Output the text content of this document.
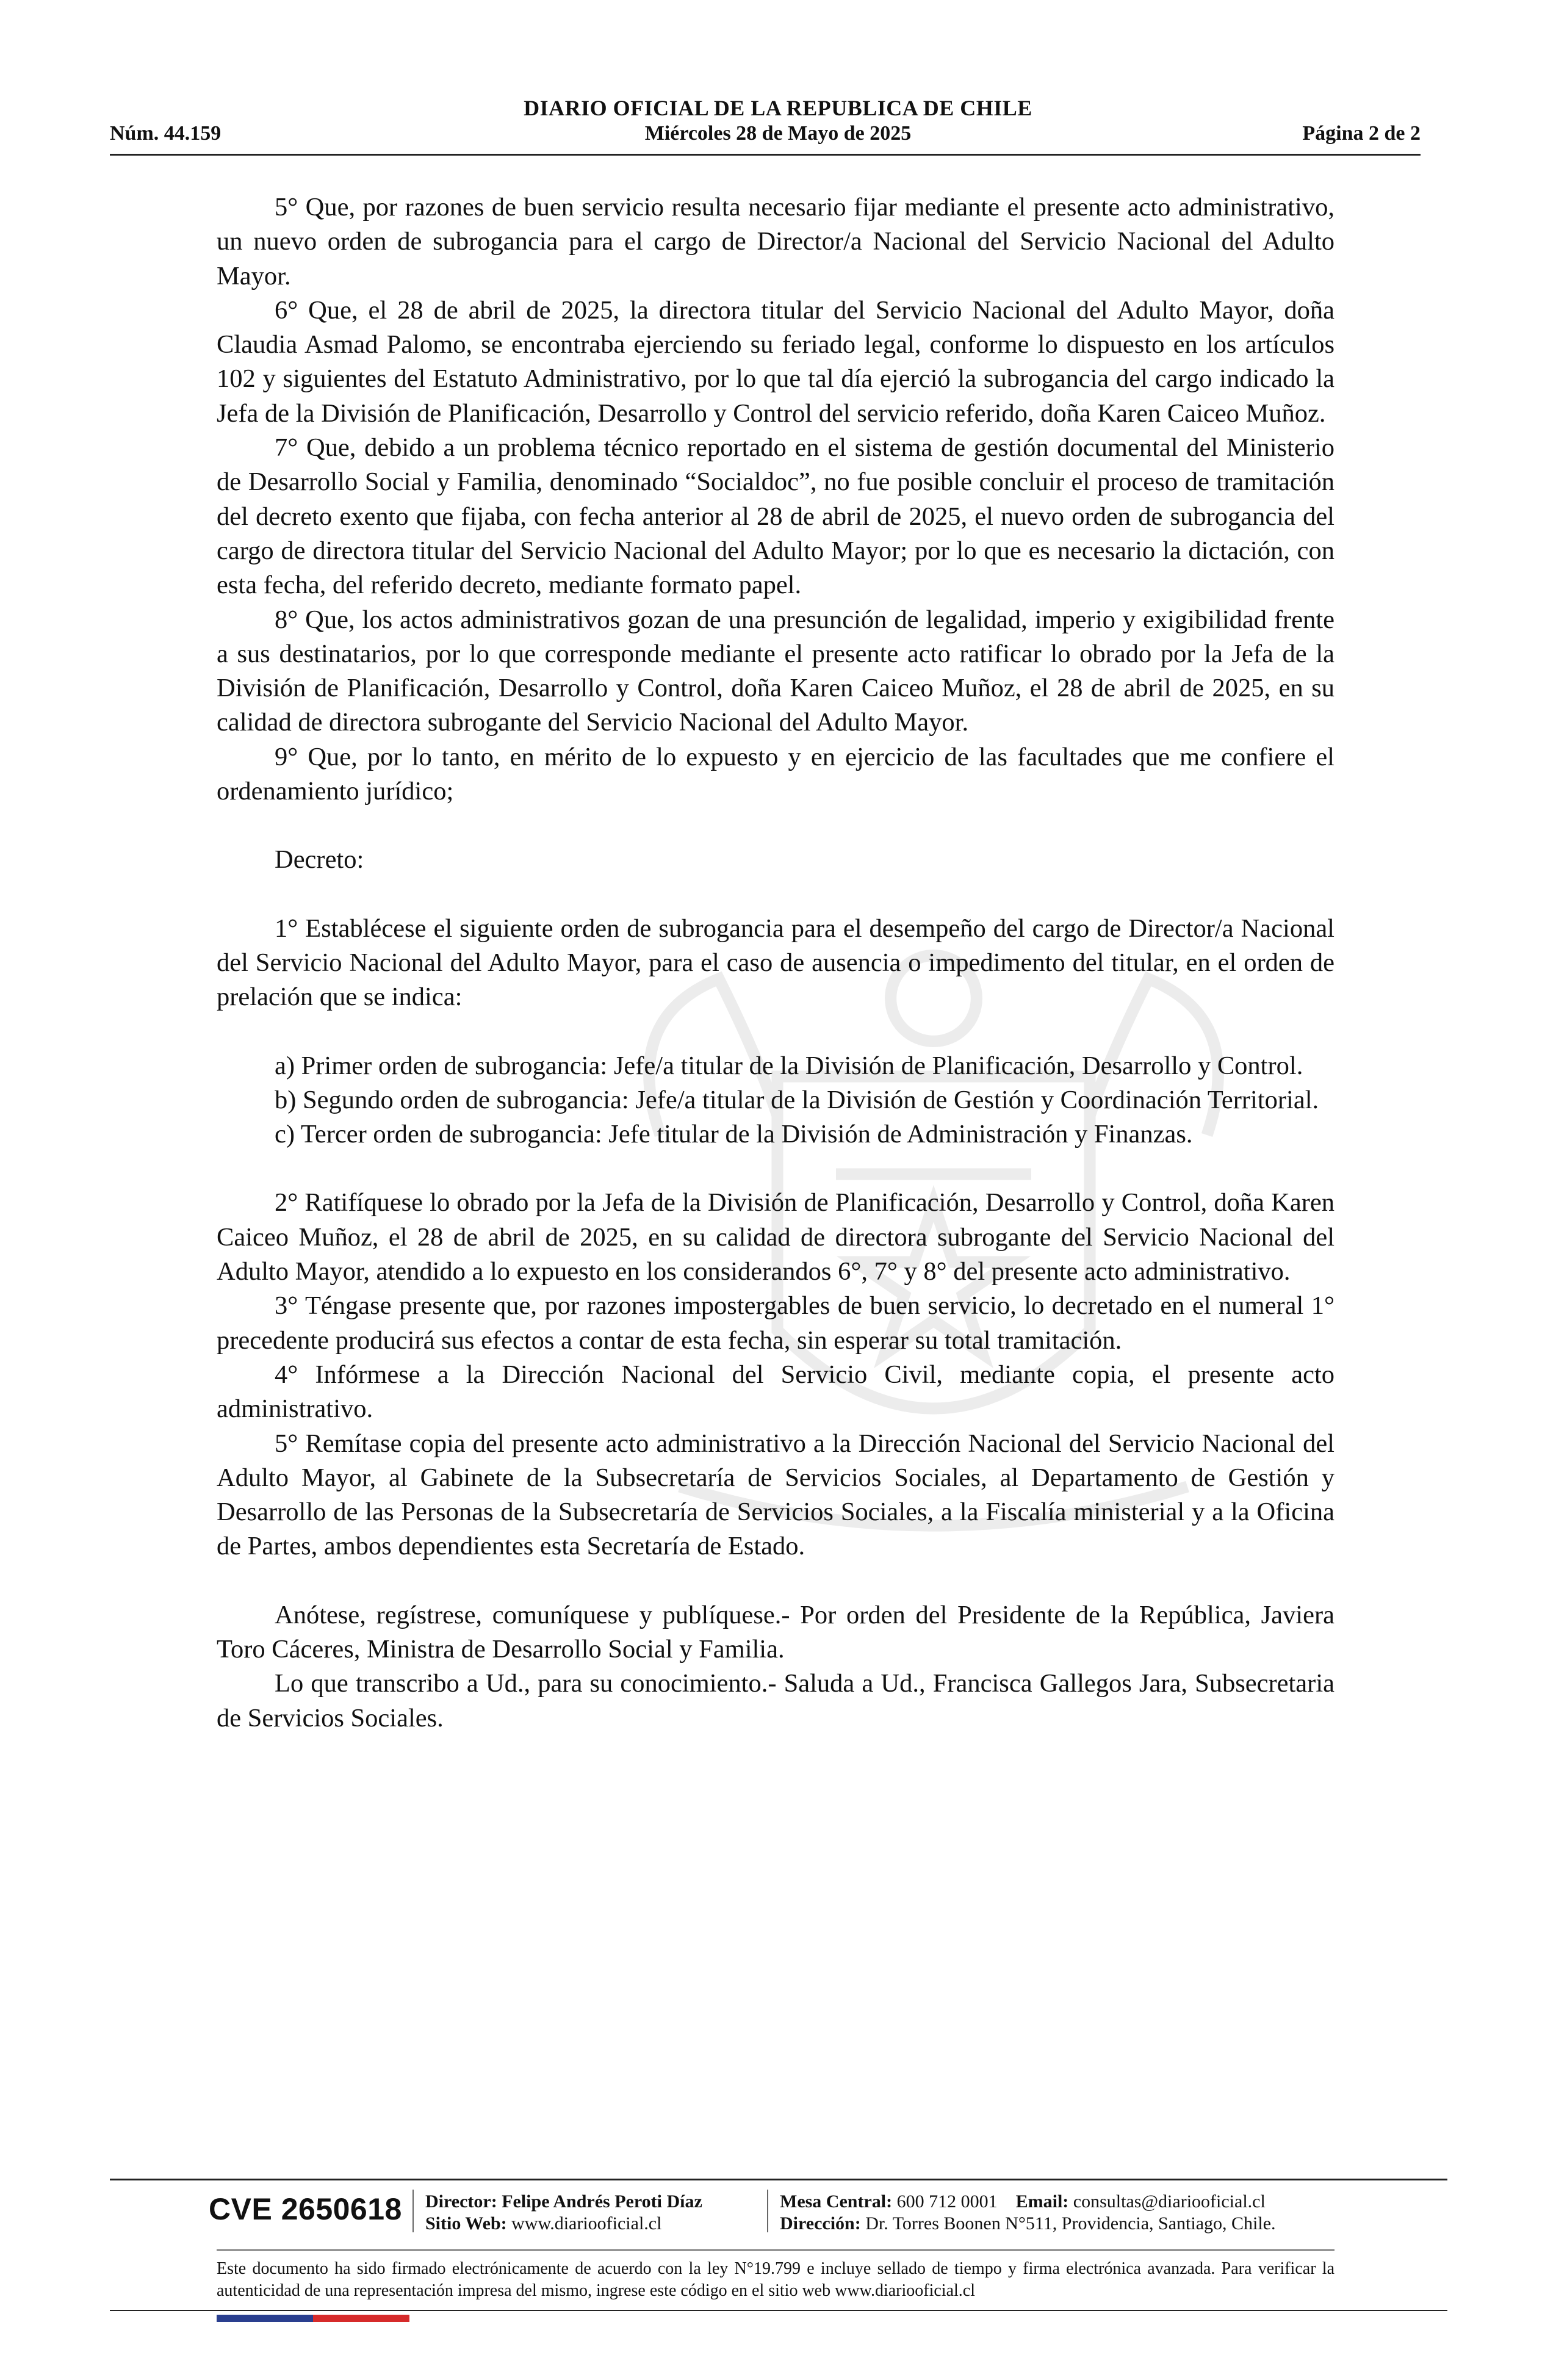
DIARIO OFICIAL DE LA REPUBLICA DE CHILE
Núm. 44.159	Miércoles 28 de Mayo de 2025	Página 2 de 2

5° Que, por razones de buen servicio resulta necesario fijar mediante el presente acto administrativo, un nuevo orden de subrogancia para el cargo de Director/a Nacional del Servicio Nacional del Adulto Mayor.

6° Que, el 28 de abril de 2025, la directora titular del Servicio Nacional del Adulto Mayor, doña Claudia Asmad Palomo, se encontraba ejerciendo su feriado legal, conforme lo dispuesto en los artículos 102 y siguientes del Estatuto Administrativo, por lo que tal día ejerció la subrogancia del cargo indicado la Jefa de la División de Planificación, Desarrollo y Control del servicio referido, doña Karen Caiceo Muñoz.

7° Que, debido a un problema técnico reportado en el sistema de gestión documental del Ministerio de Desarrollo Social y Familia, denominado “Socialdoc”, no fue posible concluir el proceso de tramitación del decreto exento que fijaba, con fecha anterior al 28 de abril de 2025, el nuevo orden de subrogancia del cargo de directora titular del Servicio Nacional del Adulto Mayor; por lo que es necesario la dictación, con esta fecha, del referido decreto, mediante formato papel.

8° Que, los actos administrativos gozan de una presunción de legalidad, imperio y exigibilidad frente a sus destinatarios, por lo que corresponde mediante el presente acto ratificar lo obrado por la Jefa de la División de Planificación, Desarrollo y Control, doña Karen Caiceo Muñoz, el 28 de abril de 2025, en su calidad de directora subrogante del Servicio Nacional del Adulto Mayor.

9° Que, por lo tanto, en mérito de lo expuesto y en ejercicio de las facultades que me confiere el ordenamiento jurídico;

Decreto:

1° Establécese el siguiente orden de subrogancia para el desempeño del cargo de Director/a Nacional del Servicio Nacional del Adulto Mayor, para el caso de ausencia o impedimento del titular, en el orden de prelación que se indica:

a) Primer orden de subrogancia: Jefe/a titular de la División de Planificación, Desarrollo y Control.

b) Segundo orden de subrogancia: Jefe/a titular de la División de Gestión y Coordinación Territorial.

c) Tercer orden de subrogancia: Jefe titular de la División de Administración y Finanzas.

2° Ratifíquese lo obrado por la Jefa de la División de Planificación, Desarrollo y Control, doña Karen Caiceo Muñoz, el 28 de abril de 2025, en su calidad de directora subrogante del Servicio Nacional del Adulto Mayor, atendido a lo expuesto en los considerandos 6°, 7° y 8° del presente acto administrativo.

3° Téngase presente que, por razones impostergables de buen servicio, lo decretado en el numeral 1° precedente producirá sus efectos a contar de esta fecha, sin esperar su total tramitación.

4° Infórmese a la Dirección Nacional del Servicio Civil, mediante copia, el presente acto administrativo.

5° Remítase copia del presente acto administrativo a la Dirección Nacional del Servicio Nacional del Adulto Mayor, al Gabinete de la Subsecretaría de Servicios Sociales, al Departamento de Gestión y Desarrollo de las Personas de la Subsecretaría de Servicios Sociales, a la Fiscalía ministerial y a la Oficina de Partes, ambos dependientes esta Secretaría de Estado.

Anótese, regístrese, comuníquese y publíquese.- Por orden del Presidente de la República, Javiera Toro Cáceres, Ministra de Desarrollo Social y Familia.

Lo que transcribo a Ud., para su conocimiento.- Saluda a Ud., Francisca Gallegos Jara, Subsecretaria de Servicios Sociales.

CVE 2650618 Director: Felipe Andrés Peroti Díaz
Sitio Web: www.diariooficial.cl
Mesa Central: 600 712 0001 Email: consultas@diariooficial.cl
Dirección: Dr. Torres Boonen N°511, Providencia, Santiago, Chile.
Este documento ha sido firmado electrónicamente de acuerdo con la ley N°19.799 e incluye sellado de tiempo y firma electrónica avanzada. Para verificar la autenticidad de una representación impresa del mismo, ingrese este código en el sitio web www.diariooficial.cl
